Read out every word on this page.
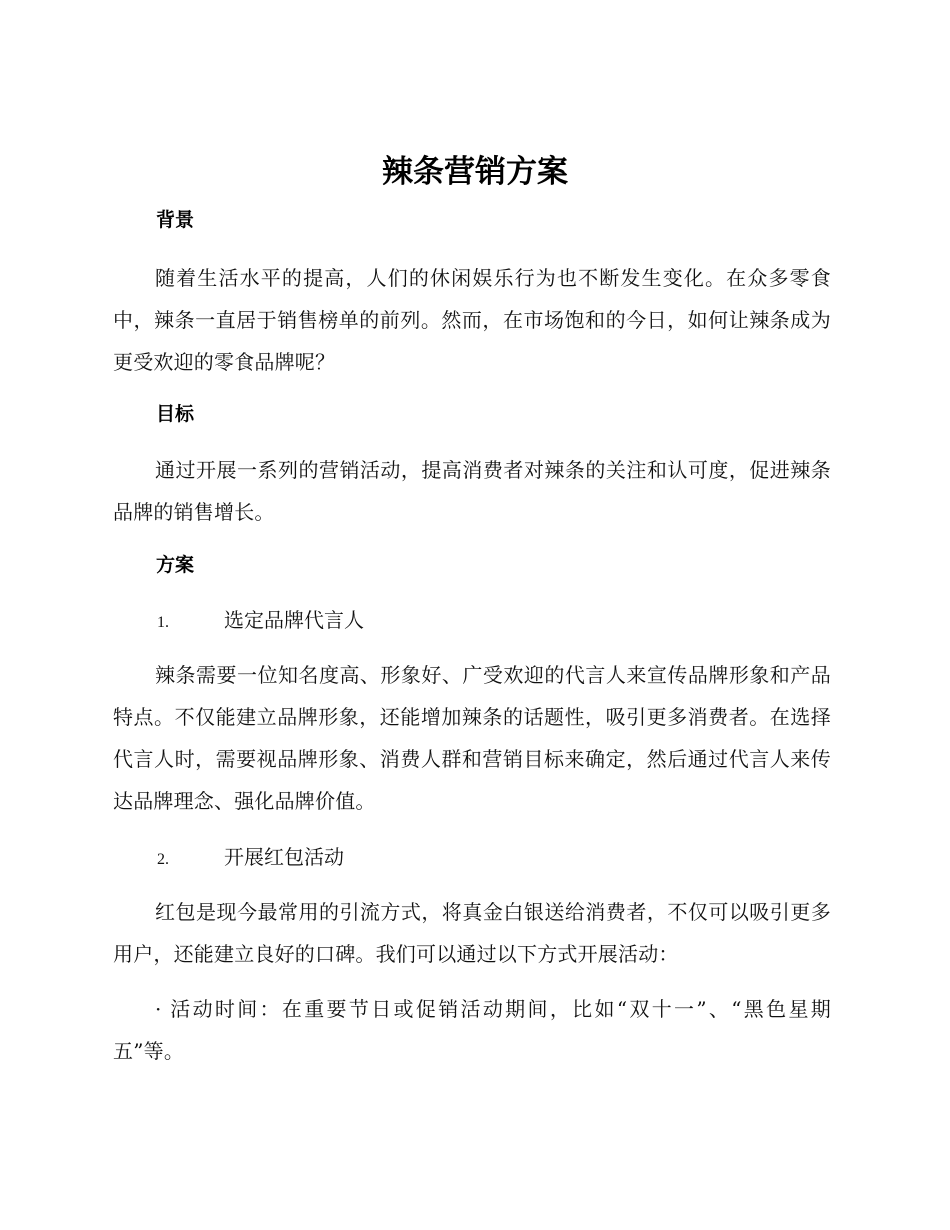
辣条营销方案
背景

随着生活水平的提高，人们的休闲娱乐行为也不断发生变化。在众多零食中，辣条一直居于销售榜单的前列。然而，在市场饱和的今日，如何让辣条成为更受欢迎的零食品牌呢？

目标

通过开展一系列的营销活动，提高消费者对辣条的关注和认可度，促进辣条品牌的销售增长。

方案
1.	选定品牌代言人

辣条需要一位知名度高、形象好、广受欢迎的代言人来宣传品牌形象和产品特点。不仅能建立品牌形象，还能增加辣条的话题性，吸引更多消费者。在选择代言人时，需要视品牌形象、消费人群和营销目标来确定，然后通过代言人来传达品牌理念、强化品牌价值。

2.	开展红包活动

红包是现今最常用的引流方式，将真金白银送给消费者，不仅可以吸引更多用户，还能建立良好的口碑。我们可以通过以下方式开展活动：

· 活动时间：在重要节日或促销活动期间，比如“双十一”、“黑色星期五”等。
